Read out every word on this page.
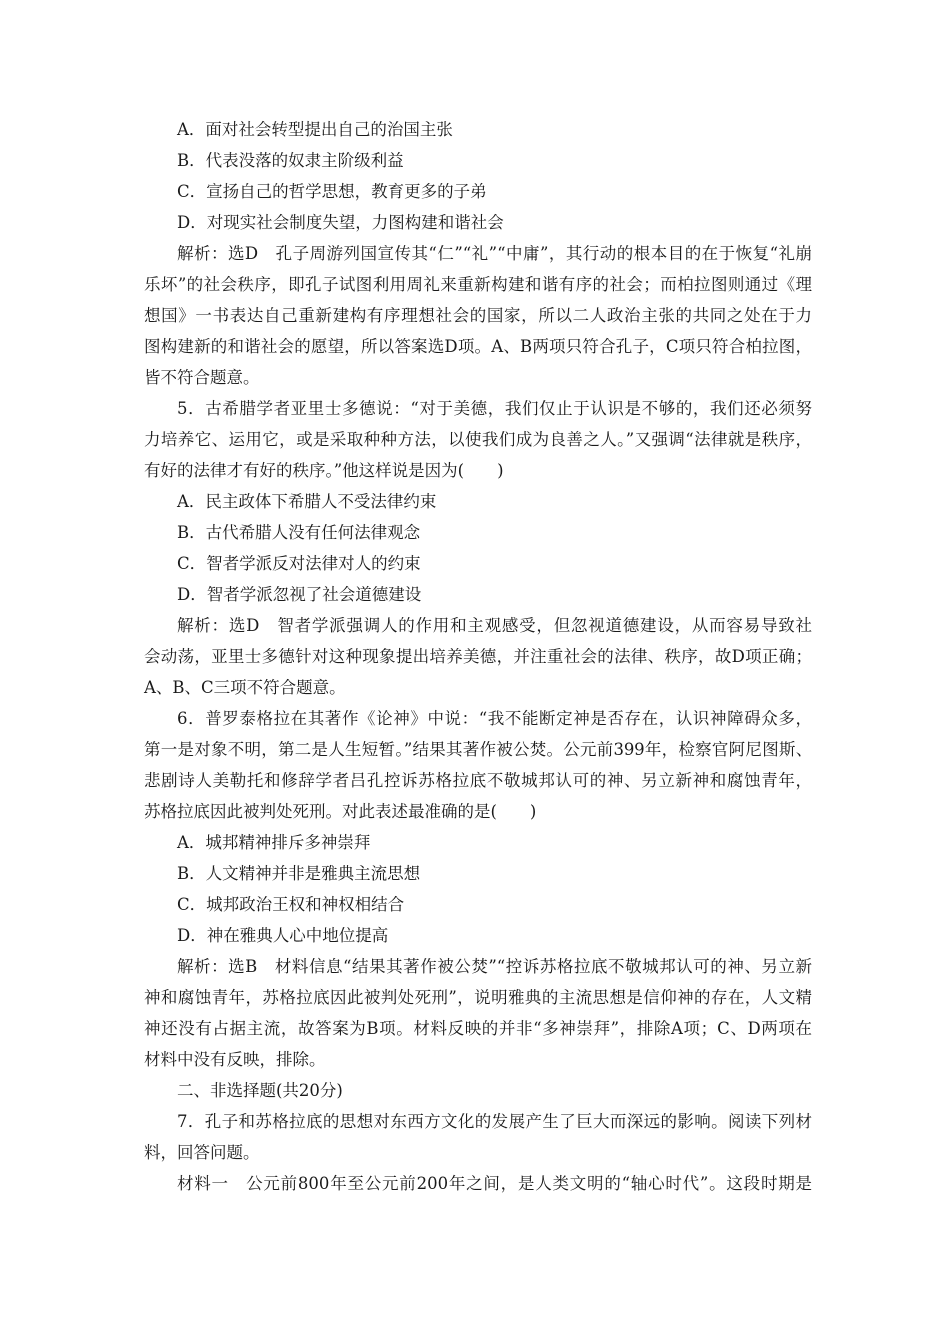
A．面对社会转型提出自己的治国主张
B．代表没落的奴隶主阶级利益
C．宣扬自己的哲学思想，教育更多的子弟
D．对现实社会制度失望，力图构建和谐社会
解析：选D　孔子周游列国宣传其“仁”“礼”“中庸”，其行动的根本目的在于恢复“礼崩
乐坏”的社会秩序，即孔子试图利用周礼来重新构建和谐有序的社会；而柏拉图则通过《理
想国》一书表达自己重新建构有序理想社会的国家，所以二人政治主张的共同之处在于力
图构建新的和谐社会的愿望，所以答案选D项。A、B两项只符合孔子，C项只符合柏拉图，
皆不符合题意。
5．古希腊学者亚里士多德说：“对于美德，我们仅止于认识是不够的，我们还必须努
力培养它、运用它，或是采取种种方法，以使我们成为良善之人。”又强调“法律就是秩序，
有好的法律才有好的秩序。”他这样说是因为(　　)
A．民主政体下希腊人不受法律约束
B．古代希腊人没有任何法律观念
C．智者学派反对法律对人的约束
D．智者学派忽视了社会道德建设
解析：选D　智者学派强调人的作用和主观感受，但忽视道德建设，从而容易导致社
会动荡，亚里士多德针对这种现象提出培养美德，并注重社会的法律、秩序，故D项正确；
A、B、C三项不符合题意。
6．普罗泰格拉在其著作《论神》中说：“我不能断定神是否存在，认识神障碍众多，
第一是对象不明，第二是人生短暂。”结果其著作被公焚。公元前399年，检察官阿尼图斯、
悲剧诗人美勒托和修辞学者吕孔控诉苏格拉底不敬城邦认可的神、另立新神和腐蚀青年，
苏格拉底因此被判处死刑。对此表述最准确的是(　　)
A．城邦精神排斥多神崇拜
B．人文精神并非是雅典主流思想
C．城邦政治王权和神权相结合
D．神在雅典人心中地位提高
解析：选B　材料信息“结果其著作被公焚”“控诉苏格拉底不敬城邦认可的神、另立新
神和腐蚀青年，苏格拉底因此被判处死刑”，说明雅典的主流思想是信仰神的存在，人文精
神还没有占据主流，故答案为B项。材料反映的并非“多神崇拜”，排除A项；C、D两项在
材料中没有反映，排除。
二、非选择题(共20分)
7．孔子和苏格拉底的思想对东西方文化的发展产生了巨大而深远的影响。阅读下列材
料，回答问题。
材料一　公元前800年至公元前200年之间，是人类文明的“轴心时代”。这段时期是
